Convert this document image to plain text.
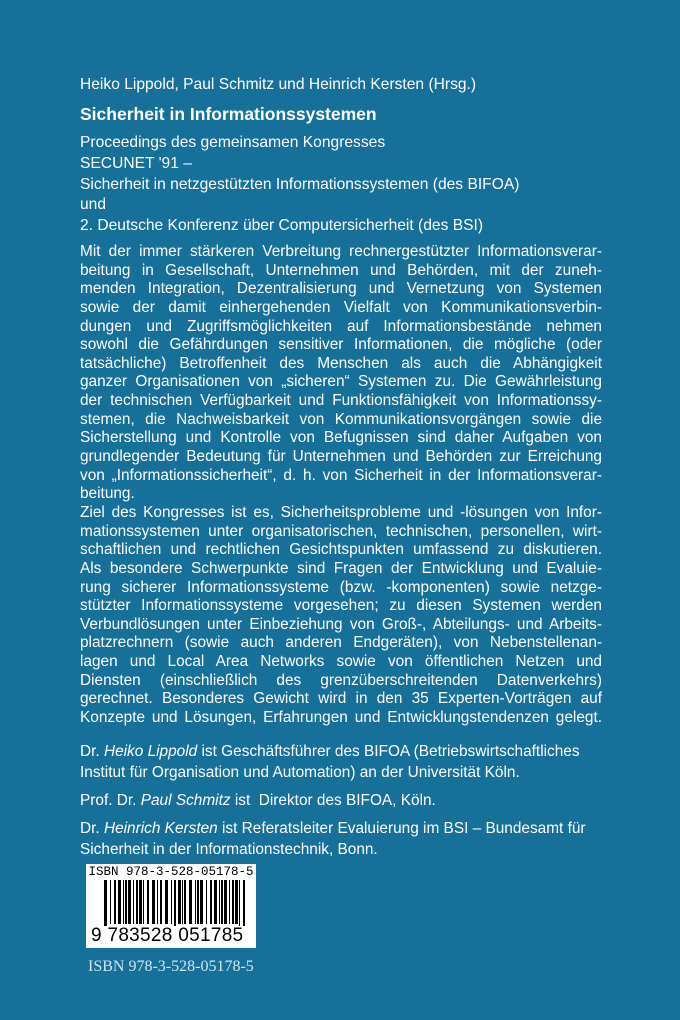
Heiko Lippold, Paul Schmitz und Heinrich Kersten (Hrsg.)
Sicherheit in Informationssystemen
Proceedings des gemeinsamen Kongresses
SECUNET '91 –
Sicherheit in netzgestützten Informationssystemen (des BIFOA)
und
2. Deutsche Konferenz über Computersicherheit (des BSI)
Mit der immer stärkeren Verbreitung rechnergestützter Informationsverar-
beitung in Gesellschaft, Unternehmen und Behörden, mit der zuneh-
menden Integration, Dezentralisierung und Vernetzung von Systemen
sowie der damit einhergehenden Vielfalt von Kommunikationsverbin-
dungen und Zugriffsmöglichkeiten auf Informationsbestände nehmen
sowohl die Gefährdungen sensitiver Informationen, die mögliche (oder
tatsächliche) Betroffenheit des Menschen als auch die Abhängigkeit
ganzer Organisationen von „sicheren“ Systemen zu. Die Gewährleistung
der technischen Verfügbarkeit und Funktionsfähigkeit von Informationssy-
stemen, die Nachweisbarkeit von Kommunikationsvorgängen sowie die
Sicherstellung und Kontrolle von Befugnissen sind daher Aufgaben von
grundlegender Bedeutung für Unternehmen und Behörden zur Erreichung
von „Informationssicherheit“, d. h. von Sicherheit in der Informationsverar-
beitung.
Ziel des Kongresses ist es, Sicherheitsprobleme und -lösungen von Infor-
mationssystemen unter organisatorischen, technischen, personellen, wirt-
schaftlichen und rechtlichen Gesichtspunkten umfassend zu diskutieren.
Als besondere Schwerpunkte sind Fragen der Entwicklung und Evaluie-
rung sicherer Informationssysteme (bzw. -komponenten) sowie netzge-
stützter Informationssysteme vorgesehen; zu diesen Systemen werden
Verbundlösungen unter Einbeziehung von Groß-, Abteilungs- und Arbeits-
platzrechnern (sowie auch anderen Endgeräten), von Nebenstellenan-
lagen und Local Area Networks sowie von öffentlichen Netzen und
Diensten (einschließlich des grenzüberschreitenden Datenverkehrs)
gerechnet. Besonderes Gewicht wird in den 35 Experten-Vorträgen auf
Konzepte und Lösungen, Erfahrungen und Entwicklungstendenzen gelegt.
Dr. Heiko Lippold ist Geschäftsführer des BIFOA (Betriebswirtschaftliches
Institut für Organisation und Automation) an der Universität Köln.
Prof. Dr. Paul Schmitz ist  Direktor des BIFOA, Köln.
Dr. Heinrich Kersten ist Referatsleiter Evaluierung im BSI – Bundesamt für
Sicherheit in der Informationstechnik, Bonn.
ISBN 978-3-528-05178-5
9 783528 051785
ISBN 978-3-528-05178-5
